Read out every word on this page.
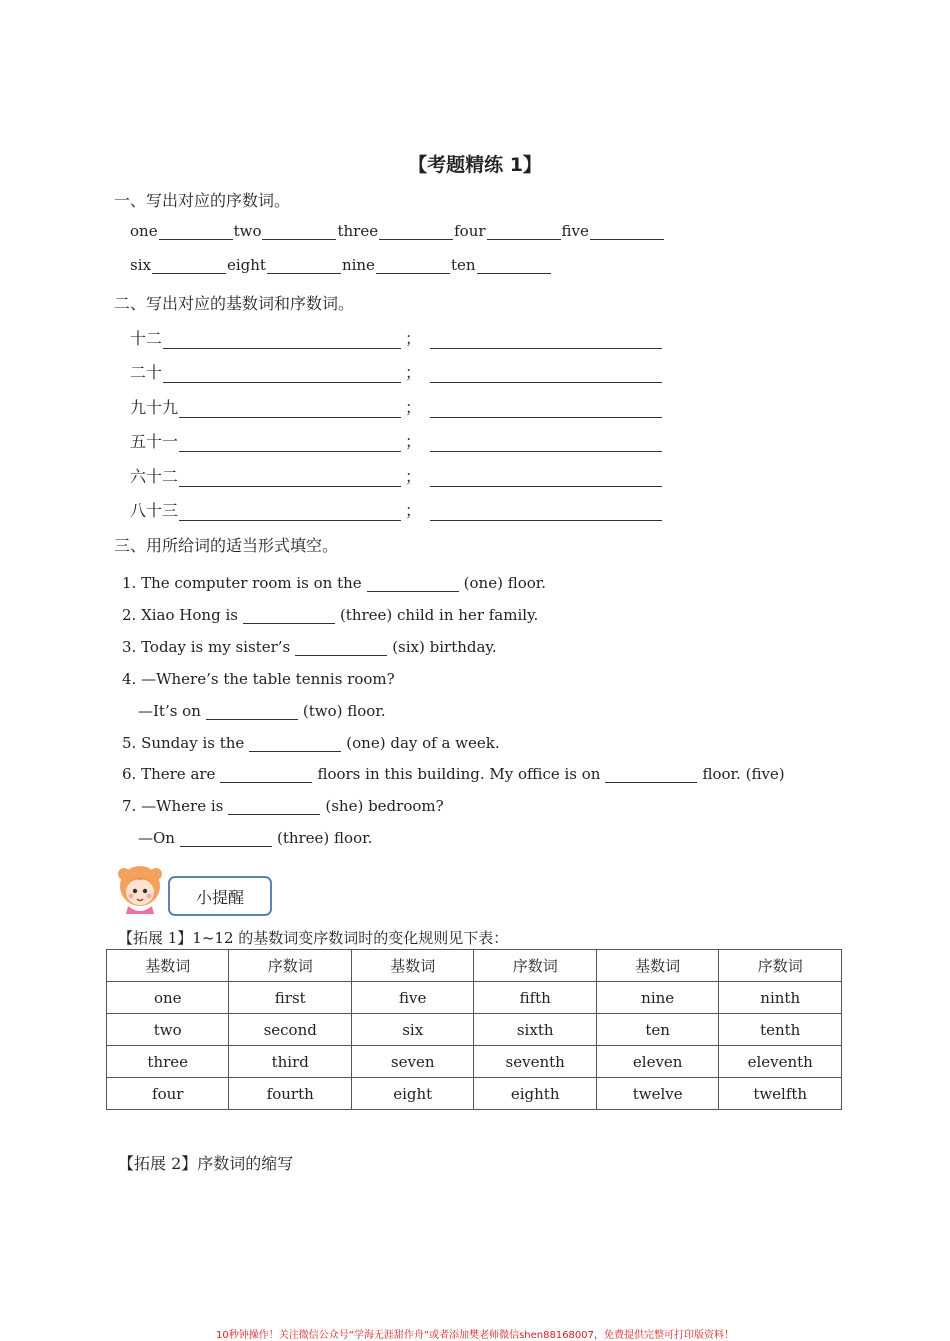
【考题精练 1】
一、写出对应的序数词。
one	two	three	four	five
six	eight	nine	ten
二、写出对应的基数词和序数词。
十二	；
二十	；
九十九	；
五十一	；
六十二	；
八十三	；
三、用所给词的适当形式填空。
1. The computer room is on the	(one) floor.
2. Xiao Hong is	(three) child in her family.
3. Today is my sister’s	(six) birthday.
4. —Where’s the table tennis room?
—It’s on	(two) floor.
5. Sunday is the	(one) day of a week.
6. There are	floors in this building. My office is on	floor. (five)
7. —Where is	(she) bedroom?
—On	(three) floor.
小提醒
【拓展 1】1~12 的基数词变序数词时的变化规则见下表：
基数词	序数词	基数词	序数词	基数词	序数词
one	first	five	fifth	nine	ninth
two	second	six	sixth	ten	tenth
three	third	seven	seventh	eleven	eleventh
four	fourth	eight	eighth	twelve	twelfth
【拓展 2】序数词的缩写
10秒钟操作！关注微信公众号“学海无涯甜作舟”或者添加樊老师微信shen88168007，免费提供完整可打印版资料！
